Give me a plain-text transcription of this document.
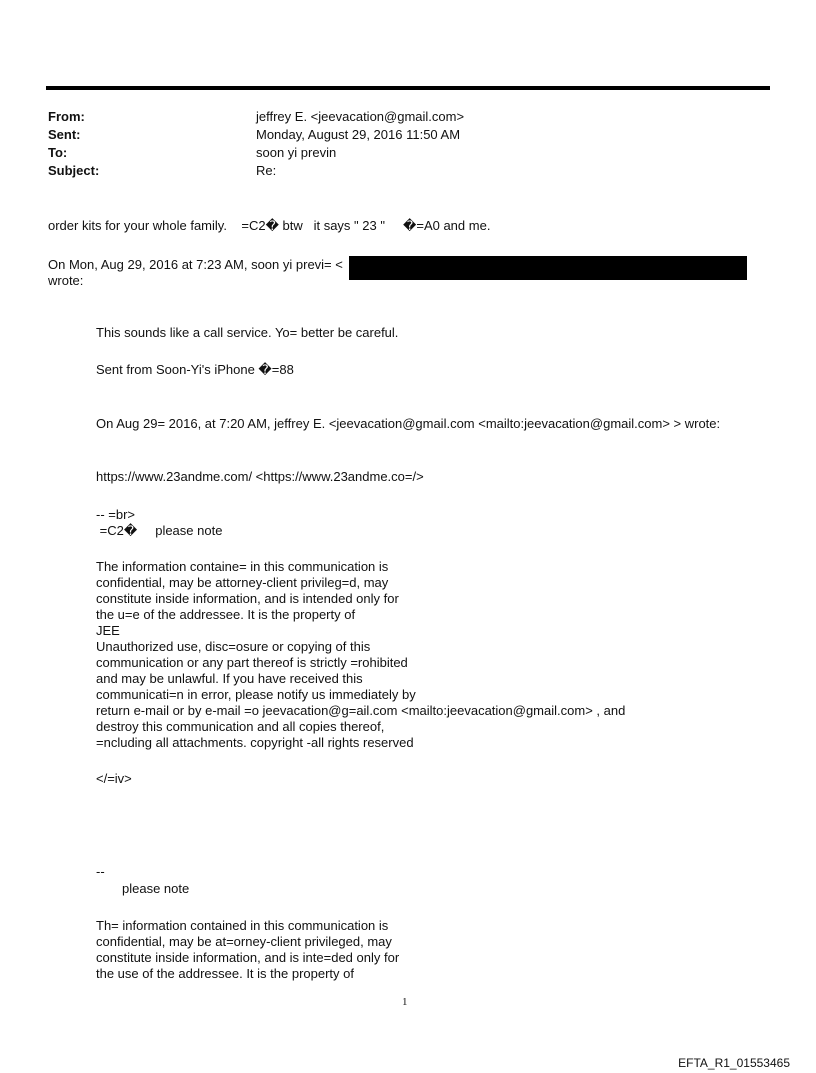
From:	jeffrey E. <jeevacation@gmail.com>
Sent:	Monday, August 29, 2016 11:50 AM
To:	soon yi previn
Subject:	Re:
order kits for your whole family.    =C2� btw   it says " 23 "     �=A0 and me.
On Mon, Aug 29, 2016 at 7:23 AM, soon yi previ= <
wrote:
This sounds like a call service. Yo= better be careful.
Sent from Soon-Yi's iPhone �=88
On Aug 29= 2016, at 7:20 AM, jeffrey E. <jeevacation@gmail.com <mailto:jeevacation@gmail.com> > wrote:
https://www.23andme.com/ <https://www.23andme.co=/>
-- =br>
=C2�     please note
The information containe= in this communication is
confidential, may be attorney-client privileg=d, may
constitute inside information, and is intended only for
the u=e of the addressee. It is the property of
JEE
Unauthorized use, disc=osure or copying of this
communication or any part thereof is strictly =rohibited
and may be unlawful. If you have received this
communicati=n in error, please notify us immediately by
return e-mail or by e-mail =o jeevacation@g=ail.com <mailto:jeevacation@gmail.com> , and
destroy this communication and all copies thereof,
=ncluding all attachments. copyright -all rights reserved
</=iv>
--
please note
Th= information contained in this communication is
confidential, may be at=orney-client privileged, may
constitute inside information, and is inte=ded only for
the use of the addressee. It is the property of
1
EFTA_R1_01553465
